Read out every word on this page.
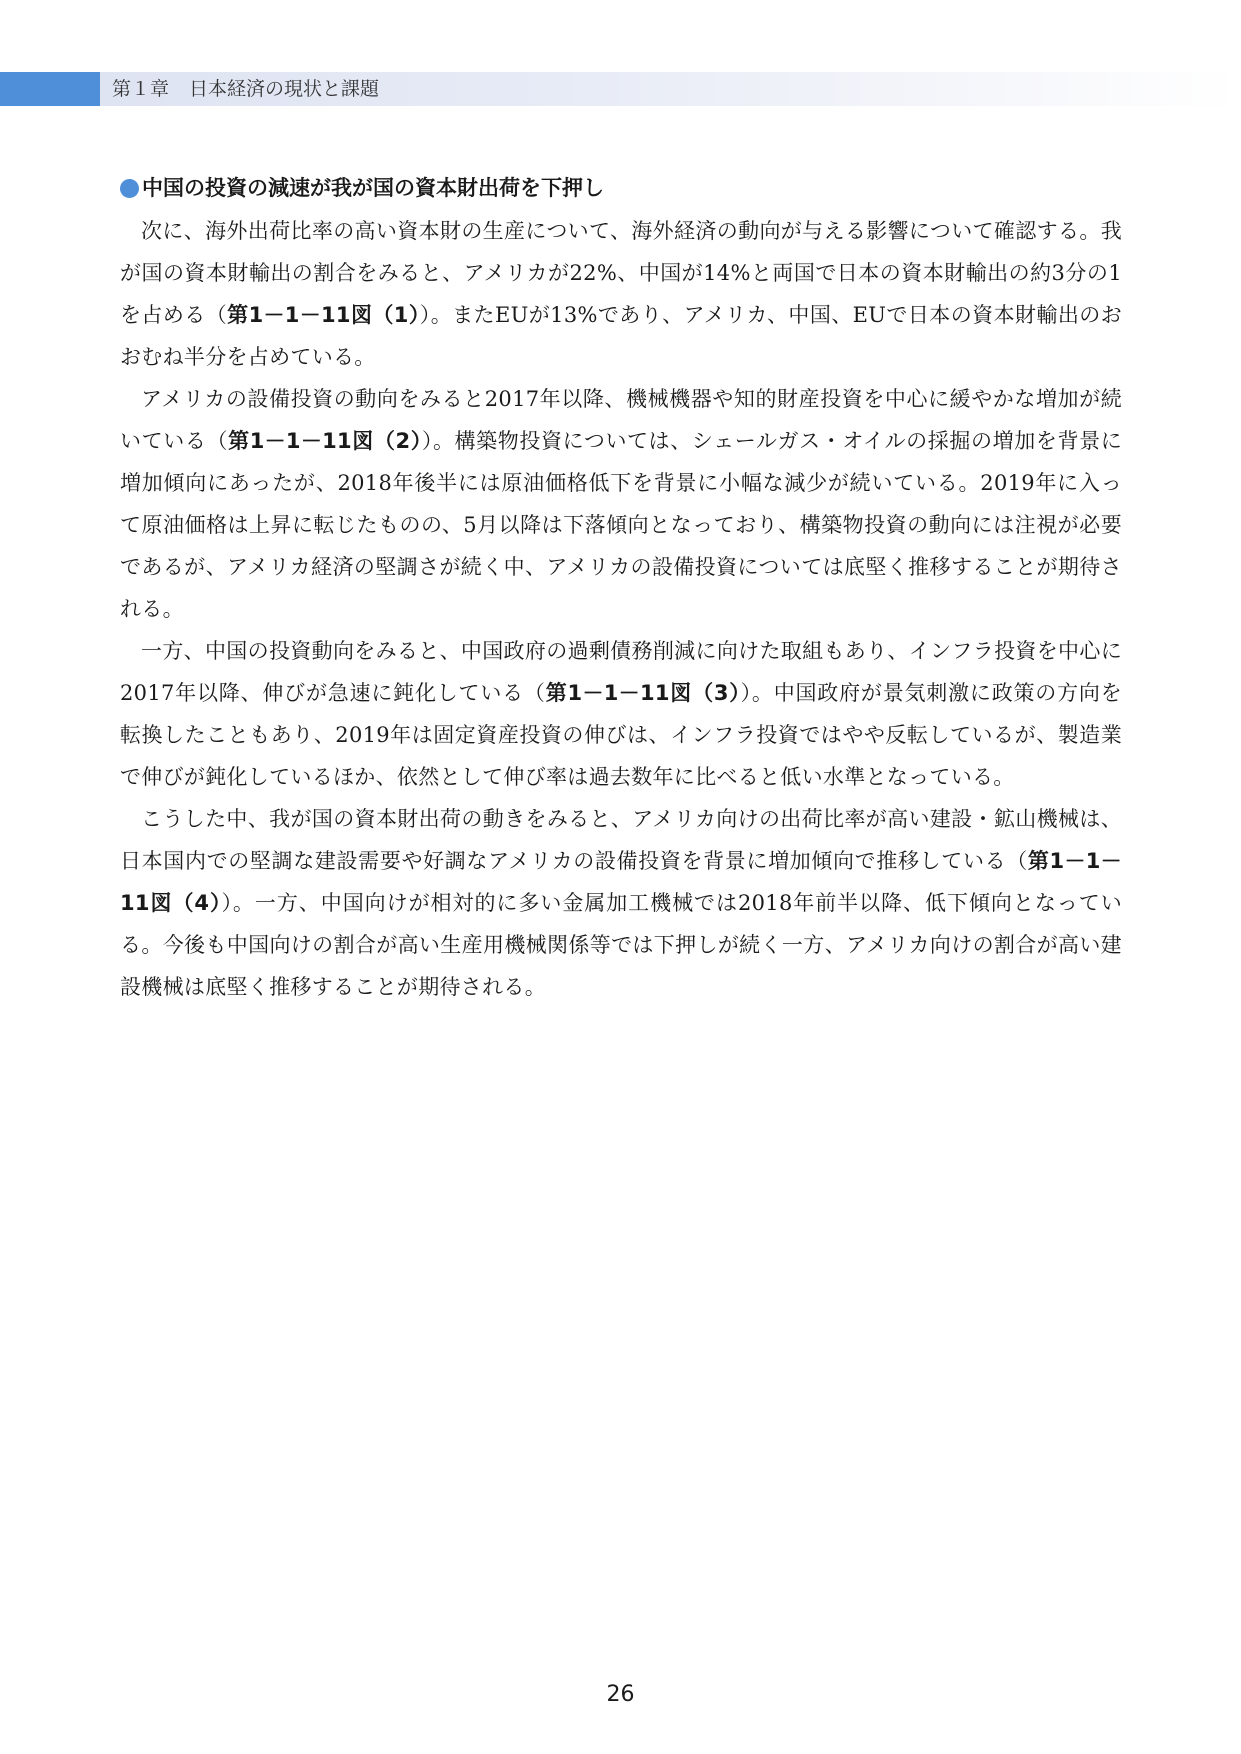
第１章 日本経済の現状と課題
中国の投資の減速が我が国の資本財出荷を下押し

次に、海外出荷比率の高い資本財の生産について、海外経済の動向が与える影響について確認する。我が国の資本財輸出の割合をみると、アメリカが22%、中国が14%と両国で日本の資本財輸出の約3分の1を占める（第1－1－11図（1））。またEUが13%であり、アメリカ、中国、EUで日本の資本財輸出のおおむね半分を占めている。

アメリカの設備投資の動向をみると2017年以降、機械機器や知的財産投資を中心に緩やかな増加が続いている（第1－1－11図（2））。構築物投資については、シェールガス・オイルの採掘の増加を背景に増加傾向にあったが、2018年後半には原油価格低下を背景に小幅な減少が続いている。2019年に入って原油価格は上昇に転じたものの、5月以降は下落傾向となっており、構築物投資の動向には注視が必要であるが、アメリカ経済の堅調さが続く中、アメリカの設備投資については底堅く推移することが期待される。

一方、中国の投資動向をみると、中国政府の過剰債務削減に向けた取組もあり、インフラ投資を中心に2017年以降、伸びが急速に鈍化している（第1－1－11図（3））。中国政府が景気刺激に政策の方向を転換したこともあり、2019年は固定資産投資の伸びは、インフラ投資ではやや反転しているが、製造業で伸びが鈍化しているほか、依然として伸び率は過去数年に比べると低い水準となっている。

こうした中、我が国の資本財出荷の動きをみると、アメリカ向けの出荷比率が高い建設・鉱山機械は、日本国内での堅調な建設需要や好調なアメリカの設備投資を背景に増加傾向で推移している（第1－1－11図（4））。一方、中国向けが相対的に多い金属加工機械では2018年前半以降、低下傾向となっている。今後も中国向けの割合が高い生産用機械関係等では下押しが続く一方、アメリカ向けの割合が高い建設機械は底堅く推移することが期待される。

26
